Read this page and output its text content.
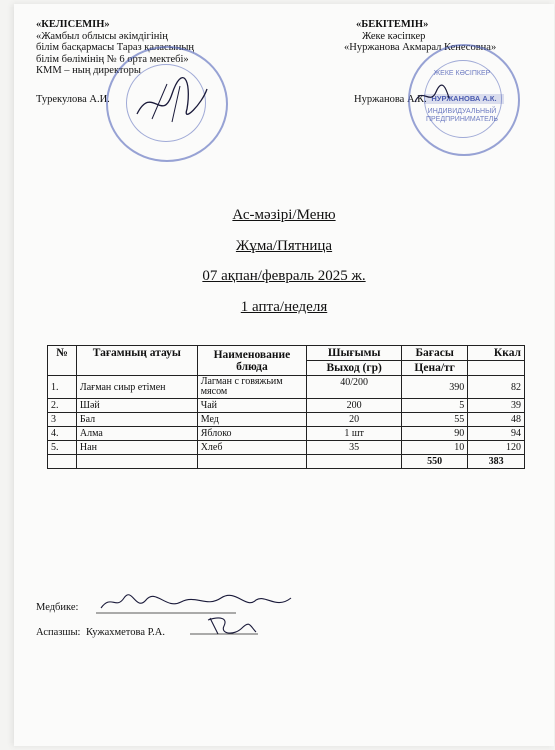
«КЕЛІСЕМІН»
«Жамбыл облысы әкімдігінің
білім басқармасы Тараз қаласының
білім бөлімінің № 6 орта мектебі»
КММ – ның директоры
Турекулова А.И.
«БЕКІТЕМІН»
Жеке кәсіпкер
«Нуржанова Акмарал Кенесовна»
Нуржанова А.К.
ЖЕКЕ КӘСІПКЕР
НУРЖАНОВА А.К.
ИНДИВИДУАЛЬНЫЙ ПРЕДПРИНИМАТЕЛЬ
Ас-мәзірі/Меню
Жұма/Пятница
07 ақпан/февраль 2025 ж.
1 апта/неделя
№	Тағамның атауы	Наименование блюда	Шығымы	Бағасы	Ккал
			Выход (гр)	Цена/тг	
1.	Лағман сиыр етімен	Лагман с говяжьим мясом	40/200	390	82
2.	Шәй	Чай	200	5	39
3	Бал	Мед	20	55	48
4.	Алма	Яблоко	1 шт	90	94
5.	Нан	Хлеб	35	10	120
				550	383
Медбике:
Аспазшы: Кужахметова Р.А.
